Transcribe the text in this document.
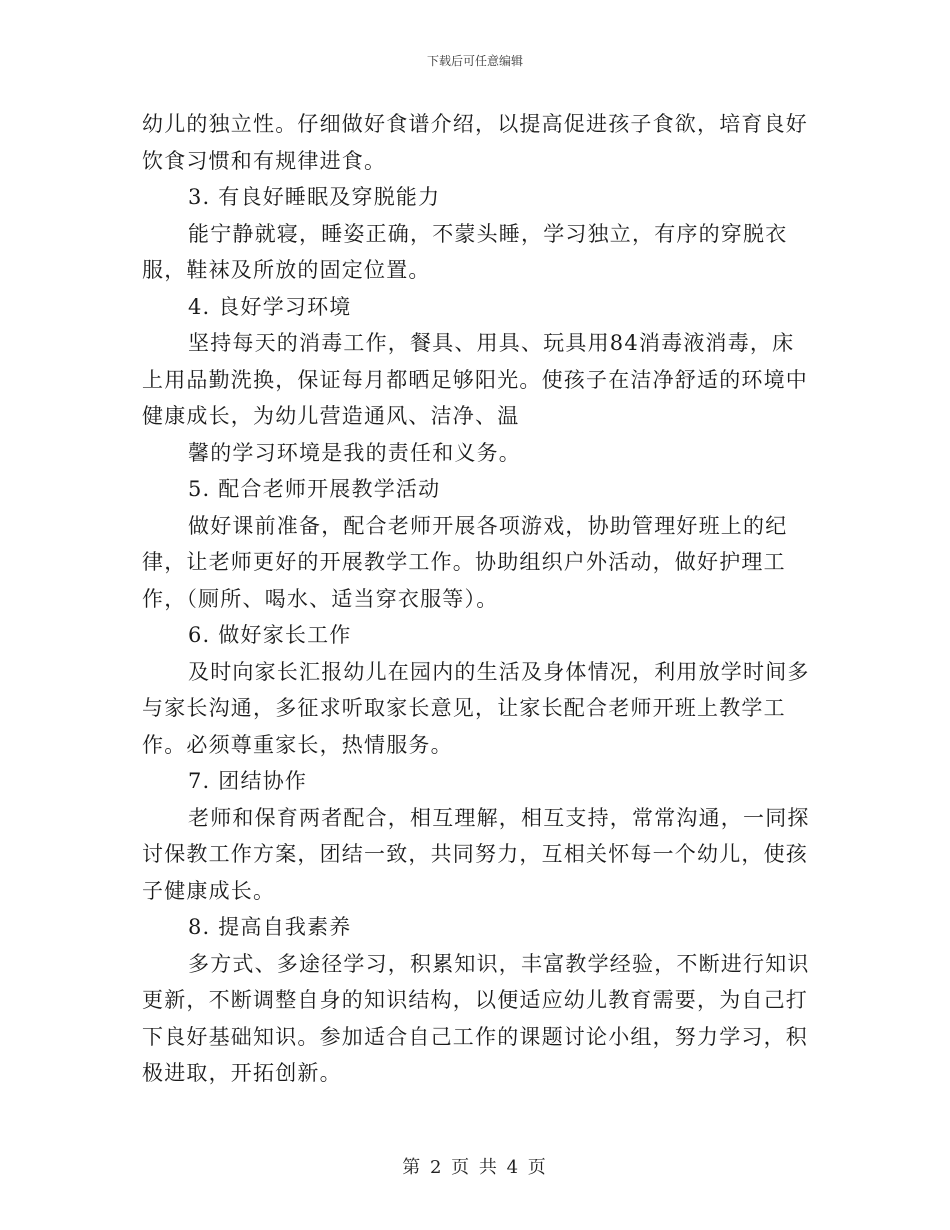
下载后可任意编辑

幼儿的独立性。仔细做好食谱介绍，以提高促进孩子食欲，培育良好饮食习惯和有规律进食。

3. 有良好睡眠及穿脱能力

能宁静就寝，睡姿正确，不蒙头睡，学习独立，有序的穿脱衣服，鞋袜及所放的固定位置。

4. 良好学习环境

坚持每天的消毒工作，餐具、用具、玩具用84消毒液消毒，床上用品勤洗换，保证每月都晒足够阳光。使孩子在洁净舒适的环境中健康成长，为幼儿营造通风、洁净、温

馨的学习环境是我的责任和义务。

5. 配合老师开展教学活动

做好课前准备，配合老师开展各项游戏，协助管理好班上的纪律，让老师更好的开展教学工作。协助组织户外活动，做好护理工作，（厕所、喝水、适当穿衣服等）。

6. 做好家长工作

及时向家长汇报幼儿在园内的生活及身体情况，利用放学时间多与家长沟通，多征求听取家长意见，让家长配合老师开班上教学工作。必须尊重家长，热情服务。

7. 团结协作

老师和保育两者配合，相互理解，相互支持，常常沟通，一同探讨保教工作方案，团结一致，共同努力，互相关怀每一个幼儿，使孩子健康成长。

8. 提高自我素养

多方式、多途径学习，积累知识，丰富教学经验，不断进行知识更新，不断调整自身的知识结构，以便适应幼儿教育需要，为自己打下良好基础知识。参加适合自己工作的课题讨论小组，努力学习，积极进取，开拓创新。

第 2 页 共 4 页
